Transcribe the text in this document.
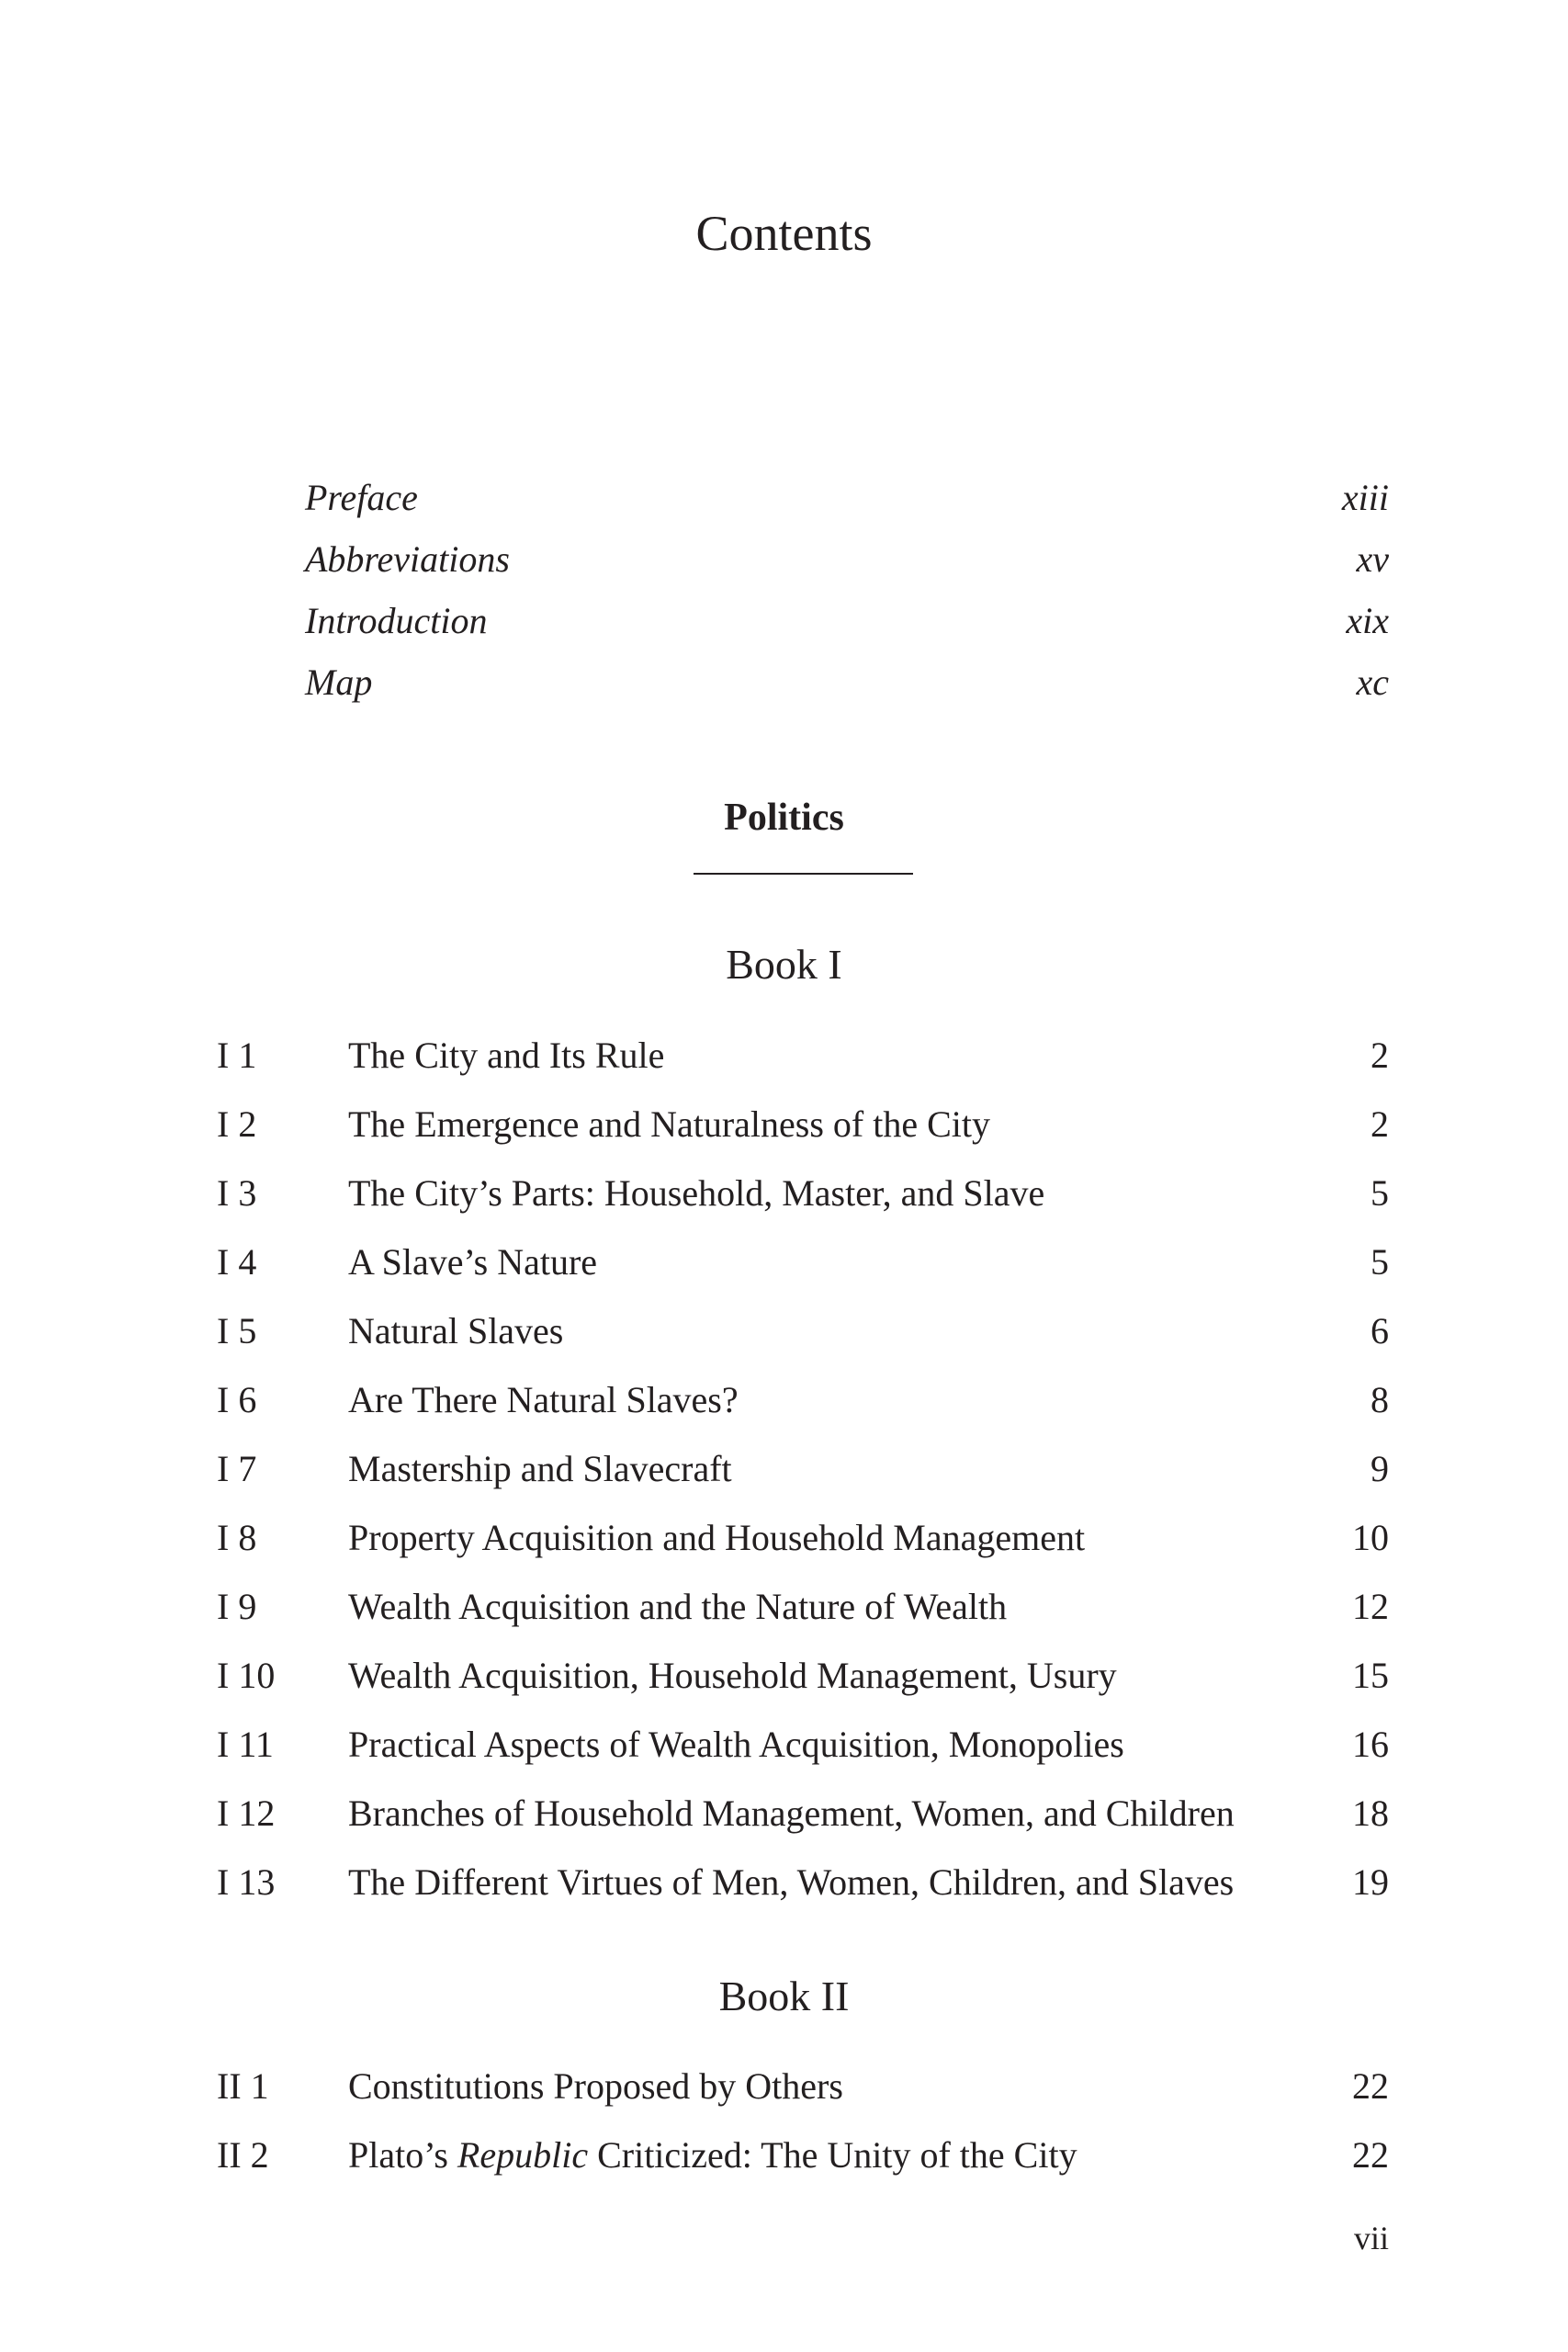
Contents
Preface	xiii
Abbreviations	xv
Introduction	xix
Map	xc
Politics
Book I
I 1 The City and Its Rule	2
I 2 The Emergence and Naturalness of the City	2
I 3 The City’s Parts: Household, Master, and Slave	5
I 4 A Slave’s Nature	5
I 5 Natural Slaves	6
I 6 Are There Natural Slaves?	8
I 7 Mastership and Slavecraft	9
I 8 Property Acquisition and Household Management	10
I 9 Wealth Acquisition and the Nature of Wealth	12
I 10 Wealth Acquisition, Household Management, Usury	15
I 11 Practical Aspects of Wealth Acquisition, Monopolies	16
I 12 Branches of Household Management, Women, and Children	18
I 13 The Different Virtues of Men, Women, Children, and Slaves	19
Book II
II 1 Constitutions Proposed by Others	22
II 2 Plato’s Republic Criticized: The Unity of the City	22
vii
